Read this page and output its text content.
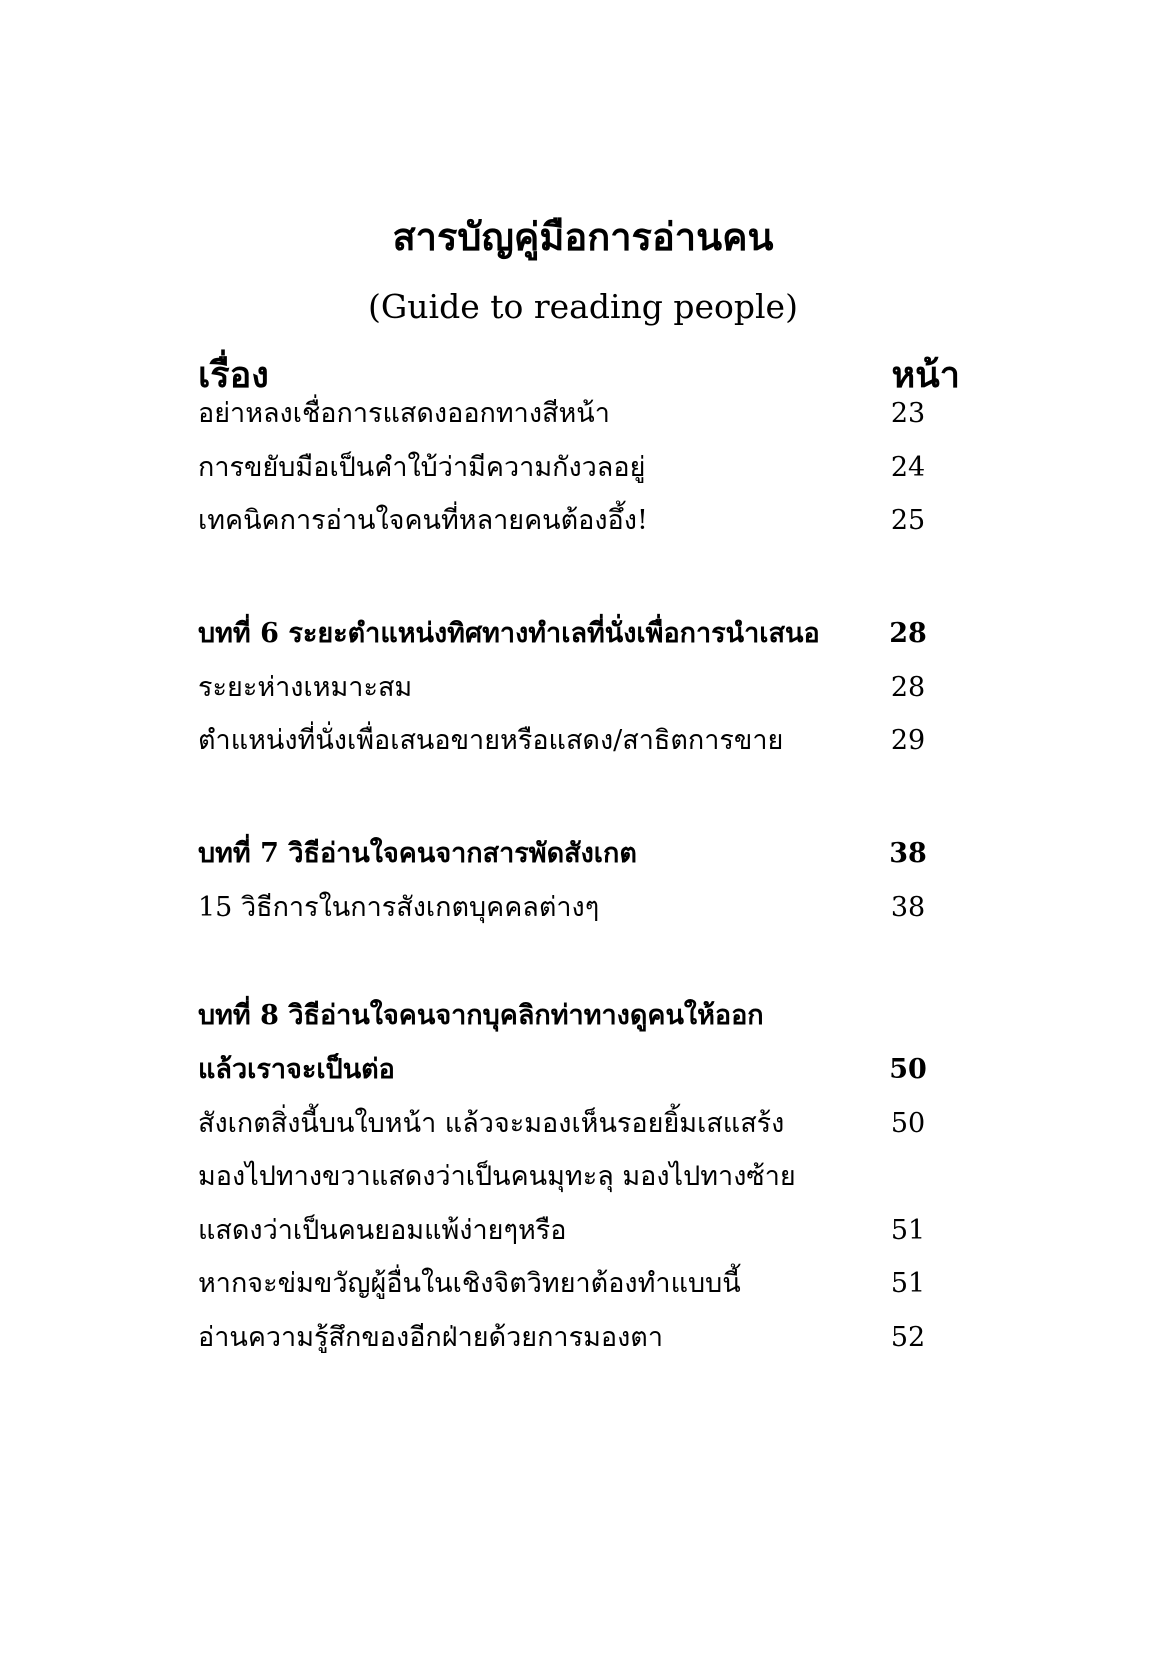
สารบัญคู่มือการอ่านคน
(Guide to reading people)
เรื่อง	หน้า
อย่าหลงเชื่อการแสดงออกทางสีหน้า	23
การขยับมือเป็นคำใบ้ว่ามีความกังวลอยู่	24
เทคนิคการอ่านใจคนที่หลายคนต้องอึ้ง!	25
บทที่ 6 ระยะตำแหน่งทิศทางทำเลที่นั่งเพื่อการนำเสนอ	28
ระยะห่างเหมาะสม	28
ตำแหน่งที่นั่งเพื่อเสนอขายหรือแสดง/สาธิตการขาย	29
บทที่ 7 วิธีอ่านใจคนจากสารพัดสังเกต	38
15 วิธีการในการสังเกตบุคคลต่างๆ	38
บทที่ 8 วิธีอ่านใจคนจากบุคลิกท่าทางดูคนให้ออก
แล้วเราจะเป็นต่อ	50
สังเกตสิ่งนี้บนใบหน้า แล้วจะมองเห็นรอยยิ้มเสแสร้ง	50
มองไปทางขวาแสดงว่าเป็นคนมุทะลุ มองไปทางซ้าย
แสดงว่าเป็นคนยอมแพ้ง่ายๆหรือ	51
หากจะข่มขวัญผู้อื่นในเชิงจิตวิทยาต้องทำแบบนี้	51
อ่านความรู้สึกของอีกฝ่ายด้วยการมองตา	52
